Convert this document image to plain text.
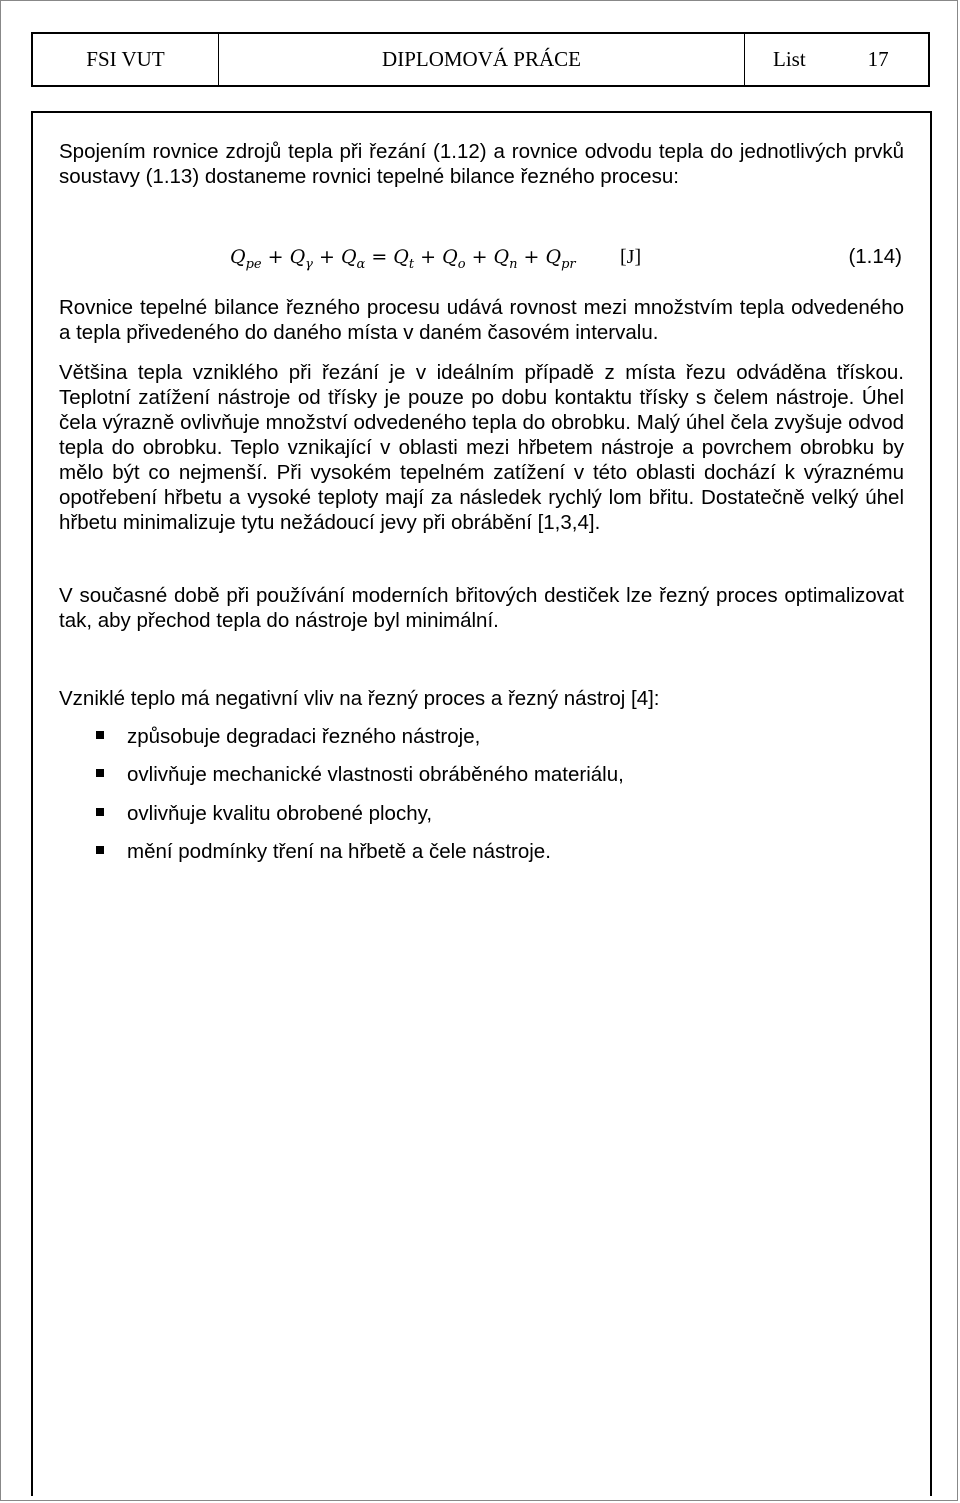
FSI VUT	DIPLOMOVÁ PRÁCE	List	17

Spojením rovnice zdrojů tepla při řezání (1.12) a rovnice odvodu tepla do jednotlivých prvků soustavy (1.13) dostaneme rovnici tepelné bilance řezného procesu:

$Q_{pe} + Q_\gamma + Q_\alpha = Q_t + Q_o + Q_n + Q_{pr}$ [J]	(1.14)

Rovnice tepelné bilance řezného procesu udává rovnost mezi množstvím tepla odvedeného a tepla přivedeného do daného místa v daném časovém intervalu.

Většina tepla vzniklého při řezání je v ideálním případě z místa řezu odváděna třískou. Teplotní zatížení nástroje od třísky je pouze po dobu kontaktu třísky s čelem nástroje. Úhel čela výrazně ovlivňuje množství odvedeného tepla do obrobku. Malý úhel čela zvyšuje odvod tepla do obrobku. Teplo vznikající v oblasti mezi hřbetem nástroje a povrchem obrobku by mělo být co nejmenší. Při vysokém tepelném zatížení v této oblasti dochází k výraznému opotřebení hřbetu a vysoké teploty mají za následek rychlý lom břitu. Dostatečně velký úhel hřbetu minimalizuje tytu nežádoucí jevy při obrábění [1,3,4].

V současné době při používání moderních břitových destiček lze řezný proces optimalizovat tak, aby přechod tepla do nástroje byl minimální.

Vzniklé teplo má negativní vliv na řezný proces a řezný nástroj [4]:

způsobuje degradaci řezného nástroje,
ovlivňuje mechanické vlastnosti obráběného materiálu,
ovlivňuje kvalitu obrobené plochy,
mění podmínky tření na hřbetě a čele nástroje.
